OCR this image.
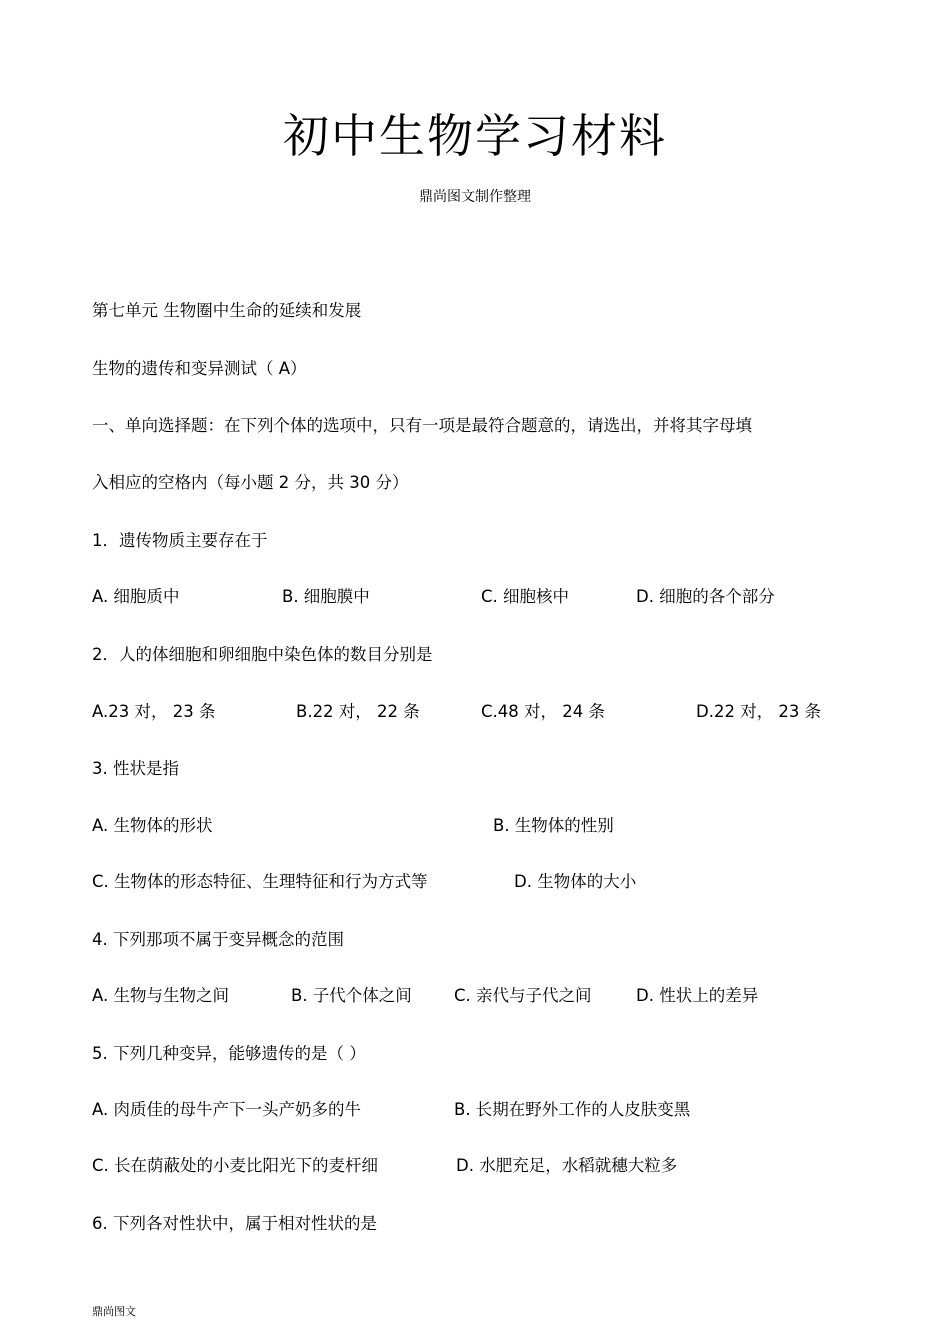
初中生物学习材料
鼎尚图文制作整理
第七单元 生物圈中生命的延续和发展
生物的遗传和变异测试（ A）
一、单向选择题：在下列个体的选项中，只有一项是最符合题意的，请选出，并将其字母填
入相应的空格内（每小题 2 分，共 30 分）
1．遗传物质主要存在于
A. 细胞质中	B. 细胞膜中	C. 细胞核中	D. 细胞的各个部分
2．人的体细胞和卵细胞中染色体的数目分别是
A.23 对， 23 条	B.22 对， 22 条	C.48 对， 24 条	D.22 对， 23 条
3. 性状是指
A. 生物体的形状	B. 生物体的性别
C. 生物体的形态特征、生理特征和行为方式等	D. 生物体的大小
4. 下列那项不属于变异概念的范围
A. 生物与生物之间	B. 子代个体之间	C. 亲代与子代之间	D. 性状上的差异
5. 下列几种变异，能够遗传的是（ ）
A. 肉质佳的母牛产下一头产奶多的牛	B. 长期在野外工作的人皮肤变黑
C. 长在荫蔽处的小麦比阳光下的麦杆细	D. 水肥充足，水稻就穗大粒多
6. 下列各对性状中，属于相对性状的是
鼎尚图文
